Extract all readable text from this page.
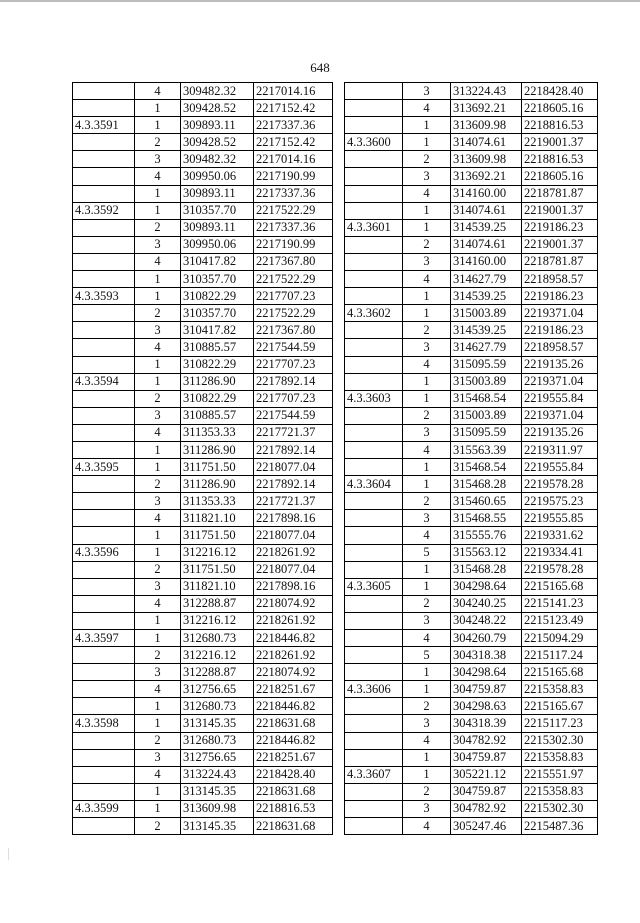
648
	4	309482.32	2217014.16
	1	309428.52	2217152.42
4.3.3591	1	309893.11	2217337.36
	2	309428.52	2217152.42
	3	309482.32	2217014.16
	4	309950.06	2217190.99
	1	309893.11	2217337.36
4.3.3592	1	310357.70	2217522.29
	2	309893.11	2217337.36
	3	309950.06	2217190.99
	4	310417.82	2217367.80
	1	310357.70	2217522.29
4.3.3593	1	310822.29	2217707.23
	2	310357.70	2217522.29
	3	310417.82	2217367.80
	4	310885.57	2217544.59
	1	310822.29	2217707.23
4.3.3594	1	311286.90	2217892.14
	2	310822.29	2217707.23
	3	310885.57	2217544.59
	4	311353.33	2217721.37
	1	311286.90	2217892.14
4.3.3595	1	311751.50	2218077.04
	2	311286.90	2217892.14
	3	311353.33	2217721.37
	4	311821.10	2217898.16
	1	311751.50	2218077.04
4.3.3596	1	312216.12	2218261.92
	2	311751.50	2218077.04
	3	311821.10	2217898.16
	4	312288.87	2218074.92
	1	312216.12	2218261.92
4.3.3597	1	312680.73	2218446.82
	2	312216.12	2218261.92
	3	312288.87	2218074.92
	4	312756.65	2218251.67
	1	312680.73	2218446.82
4.3.3598	1	313145.35	2218631.68
	2	312680.73	2218446.82
	3	312756.65	2218251.67
	4	313224.43	2218428.40
	1	313145.35	2218631.68
4.3.3599	1	313609.98	2218816.53
	2	313145.35	2218631.68
	3	313224.43	2218428.40
	4	313692.21	2218605.16
	1	313609.98	2218816.53
4.3.3600	1	314074.61	2219001.37
	2	313609.98	2218816.53
	3	313692.21	2218605.16
	4	314160.00	2218781.87
	1	314074.61	2219001.37
4.3.3601	1	314539.25	2219186.23
	2	314074.61	2219001.37
	3	314160.00	2218781.87
	4	314627.79	2218958.57
	1	314539.25	2219186.23
4.3.3602	1	315003.89	2219371.04
	2	314539.25	2219186.23
	3	314627.79	2218958.57
	4	315095.59	2219135.26
	1	315003.89	2219371.04
4.3.3603	1	315468.54	2219555.84
	2	315003.89	2219371.04
	3	315095.59	2219135.26
	4	315563.39	2219311.97
	1	315468.54	2219555.84
4.3.3604	1	315468.28	2219578.28
	2	315460.65	2219575.23
	3	315468.55	2219555.85
	4	315555.76	2219331.62
	5	315563.12	2219334.41
	1	315468.28	2219578.28
4.3.3605	1	304298.64	2215165.68
	2	304240.25	2215141.23
	3	304248.22	2215123.49
	4	304260.79	2215094.29
	5	304318.38	2215117.24
	1	304298.64	2215165.68
4.3.3606	1	304759.87	2215358.83
	2	304298.63	2215165.67
	3	304318.39	2215117.23
	4	304782.92	2215302.30
	1	304759.87	2215358.83
4.3.3607	1	305221.12	2215551.97
	2	304759.87	2215358.83
	3	304782.92	2215302.30
	4	305247.46	2215487.36
